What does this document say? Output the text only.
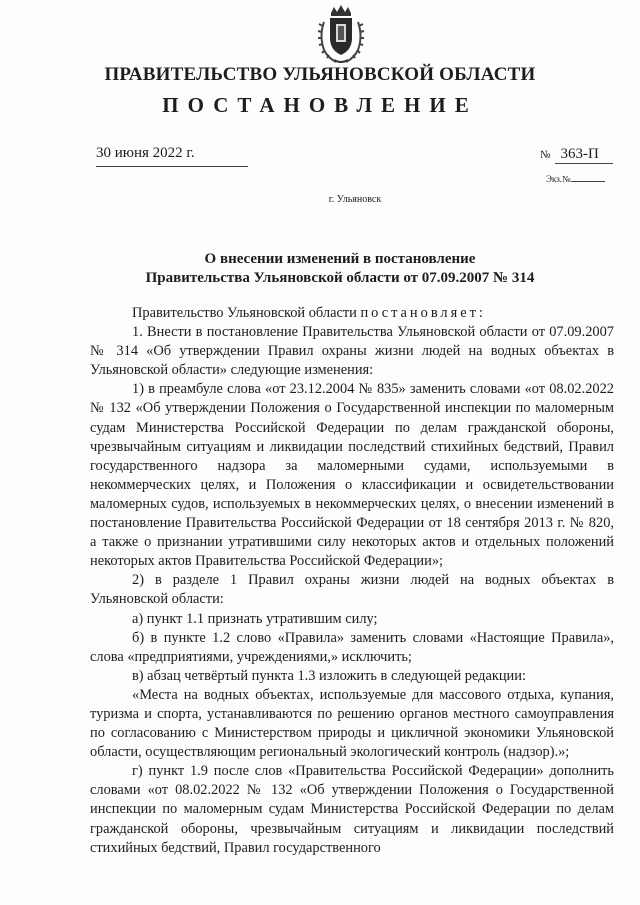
ПРАВИТЕЛЬСТВО УЛЬЯНОВСКОЙ ОБЛАСТИ
ПОСТАНОВЛЕНИЕ
30 июня 2022 г.	№ 363-П
Экз.№
г. Ульяновск
О внесении изменений в постановление
Правительства Ульяновской области от 07.09.2007 № 314

Правительство Ульяновской области постановляет:

1. Внести в постановление Правительства Ульяновской области от 07.09.2007 № 314 «Об утверждении Правил охраны жизни людей на водных объектах в Ульяновской области» следующие изменения:

1) в преамбуле слова «от 23.12.2004 № 835» заменить словами «от 08.02.2022 № 132 «Об утверждении Положения о Государственной инспекции по маломерным судам Министерства Российской Федерации по делам гражданской обороны, чрезвычайным ситуациям и ликвидации последствий стихийных бедствий, Правил государственного надзора за маломерными судами, используемыми в некоммерческих целях, и Положения о классификации и освидетельствовании маломерных судов, используемых в некоммерческих целях, о внесении изменений в постановление Правительства Российской Федерации от 18 сентября 2013 г. № 820, а также о признании утратившими силу некоторых актов и отдельных положений некоторых актов Правительства Российской Федерации»;

2) в разделе 1 Правил охраны жизни людей на водных объектах в Ульяновской области:

а) пункт 1.1 признать утратившим силу;

б) в пункте 1.2 слово «Правила» заменить словами «Настоящие Правила», слова «предприятиями, учреждениями,» исключить;

в) абзац четвёртый пункта 1.3 изложить в следующей редакции:

«Места на водных объектах, используемые для массового отдыха, купания, туризма и спорта, устанавливаются по решению органов местного самоуправления по согласованию с Министерством природы и цикличной экономики Ульяновской области, осуществляющим региональный экологический контроль (надзор).»;

г) пункт 1.9 после слов «Правительства Российской Федерации» дополнить словами «от 08.02.2022 № 132 «Об утверждении Положения о Государственной инспекции по маломерным судам Министерства Российской Федерации по делам гражданской обороны, чрезвычайным ситуациям и ликвидации последствий стихийных бедствий, Правил государственного
